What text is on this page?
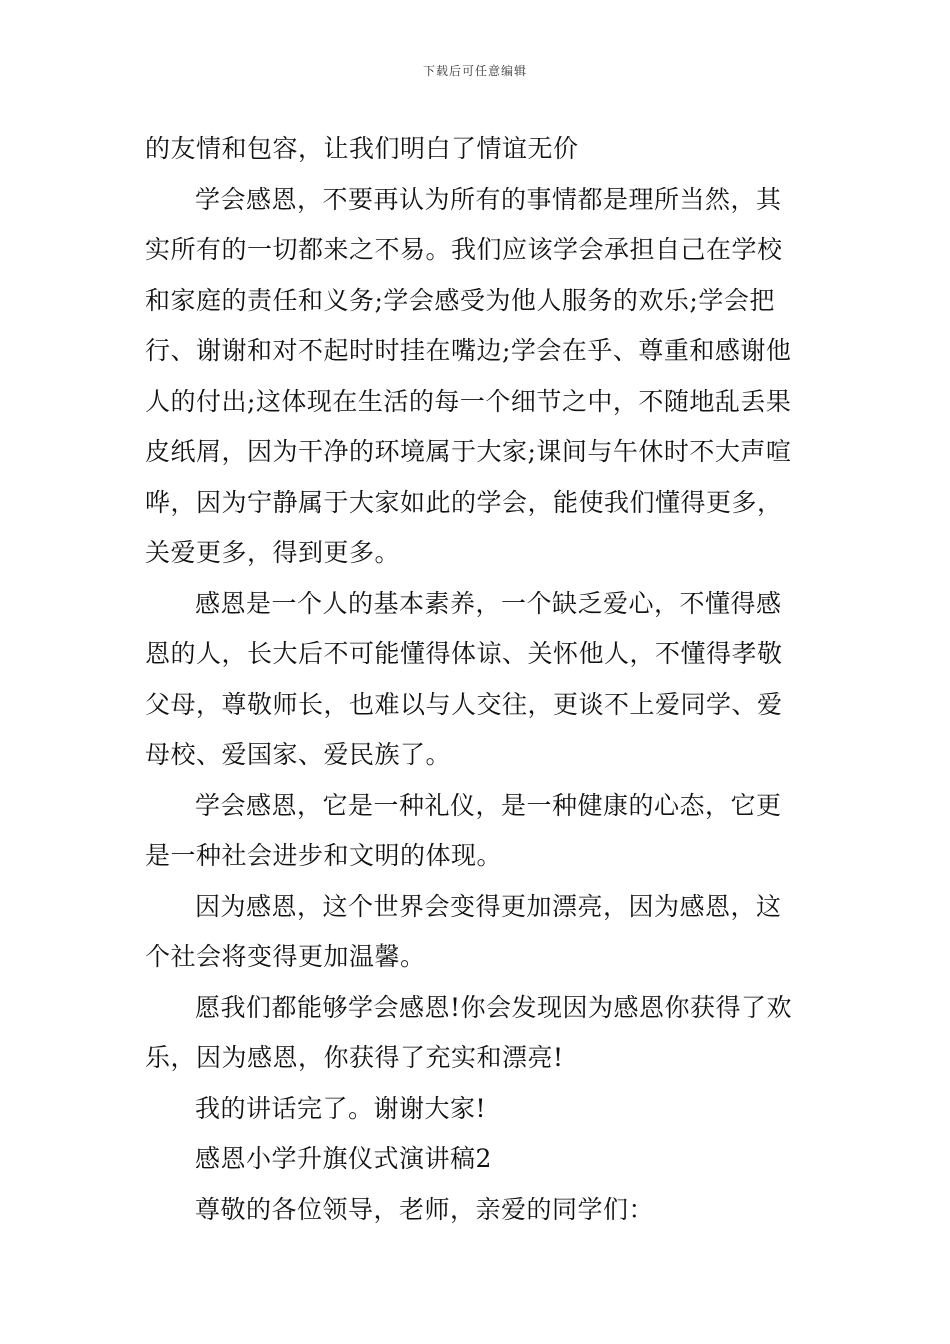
下载后可任意编辑
的友情和包容，让我们明白了情谊无价
学会感恩，不要再认为所有的事情都是理所当然，其
实所有的一切都来之不易。我们应该学会承担自己在学校
和家庭的责任和义务;学会感受为他人服务的欢乐;学会把
行、谢谢和对不起时时挂在嘴边;学会在乎、尊重和感谢他
人的付出;这体现在生活的每一个细节之中，不随地乱丢果
皮纸屑，因为干净的环境属于大家;课间与午休时不大声喧
哗，因为宁静属于大家如此的学会，能使我们懂得更多，
关爱更多，得到更多。
感恩是一个人的基本素养，一个缺乏爱心，不懂得感
恩的人，长大后不可能懂得体谅、关怀他人，不懂得孝敬
父母，尊敬师长，也难以与人交往，更谈不上爱同学、爱
母校、爱国家、爱民族了。
学会感恩，它是一种礼仪，是一种健康的心态，它更
是一种社会进步和文明的体现。
因为感恩，这个世界会变得更加漂亮，因为感恩，这
个社会将变得更加温馨。
愿我们都能够学会感恩!你会发现因为感恩你获得了欢
乐，因为感恩，你获得了充实和漂亮!
我的讲话完了。谢谢大家!
感恩小学升旗仪式演讲稿2
尊敬的各位领导，老师，亲爱的同学们：
